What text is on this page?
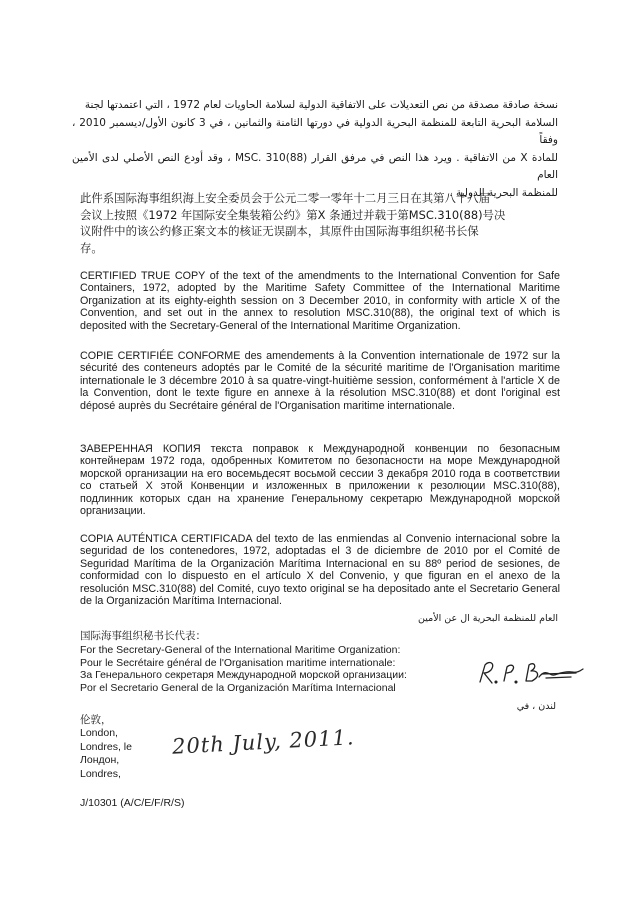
نسخة صادقة مصدقة من نص التعديلات على الاتفاقية الدولية لسلامة الحاويات لعام 1972 ، التي اعتمدتها لجنة

السلامة البحرية التابعة للمنظمة البحرية الدولية في دورتها الثامنة والثمانين ، في 3 كانون الأول/ديسمبر 2010 ، وفقاً

للمادة X من الاتفاقية . ويرد هذا النص في مرفق القرار MSC. 310(88) ، وقد أودع النص الأصلي لدى الأمين العام

للمنظمة البحرية الدولية .

此件系国际海事组织海上安全委员会于公元二零一零年十二月三日在其第八十八届

会议上按照《1972 年国际安全集装箱公约》第X 条通过并载于第MSC.310(88)号决

议附件中的该公约修正案文本的核证无误副本，其原件由国际海事组织秘书长保

存。

CERTIFIED TRUE COPY of the text of the amendments to the International Convention for Safe Containers, 1972, adopted by the Maritime Safety Committee of the International Maritime Organization at its eighty-eighth session on 3 December 2010, in conformity with article X of the Convention, and set out in the annex to resolution MSC.310(88), the original text of which is deposited with the Secretary-General of the International Maritime Organization.

COPIE CERTIFIÉE CONFORME des amendements à la Convention internationale de 1972 sur la sécurité des conteneurs adoptés par le Comité de la sécurité maritime de l'Organisation maritime internationale le 3 décembre 2010 à sa quatre-vingt-huitième session, conformément à l'article X de la Convention, dont le texte figure en annexe à la résolution MSC.310(88) et dont l'original est déposé auprès du Secrétaire général de l'Organisation maritime internationale.

ЗАВЕРЕННАЯ КОПИЯ текста поправок к Международной конвенции по безопасным контейнерам 1972 года, одобренных Комитетом по безопасности на море Международной морской организации на его восемьдесят восьмой сессии 3 декабря 2010 года в соответствии со статьей X этой Конвенции и изложенных в приложении к резолюции MSC.310(88), подлинник которых сдан на хранение Генеральному секретарю Международной морской организации.

COPIA AUTÉNTICA CERTIFICADA del texto de las enmiendas al Convenio internacional sobre la seguridad de los contenedores, 1972, adoptadas el 3 de diciembre de 2010 por el Comité de Seguridad Marítima de la Organización Marítima Internacional en su 88º period de sesiones, de conformidad con lo dispuesto en el artículo X del Convenio, y que figuran en el anexo de la resolución MSC.310(88) del Comité, cuyo texto original se ha depositado ante el Secretario General de la Organización Marítima Internacional.

العام للمنظمة البحرية ال عن الأمين
国际海事组织秘书长代表：
For the Secretary-General of the International Maritime Organization:
Pour le Secrétaire général de l'Organisation maritime internationale:
За Генерального секретаря Международной морской организации:
Por el Secretario General de la Organización Marítima Internacional
لندن ، في
伦敦，
London,
Londres, le
Лондон,
Londres,
20th July, 2011.
J/10301 (A/C/E/F/R/S)
